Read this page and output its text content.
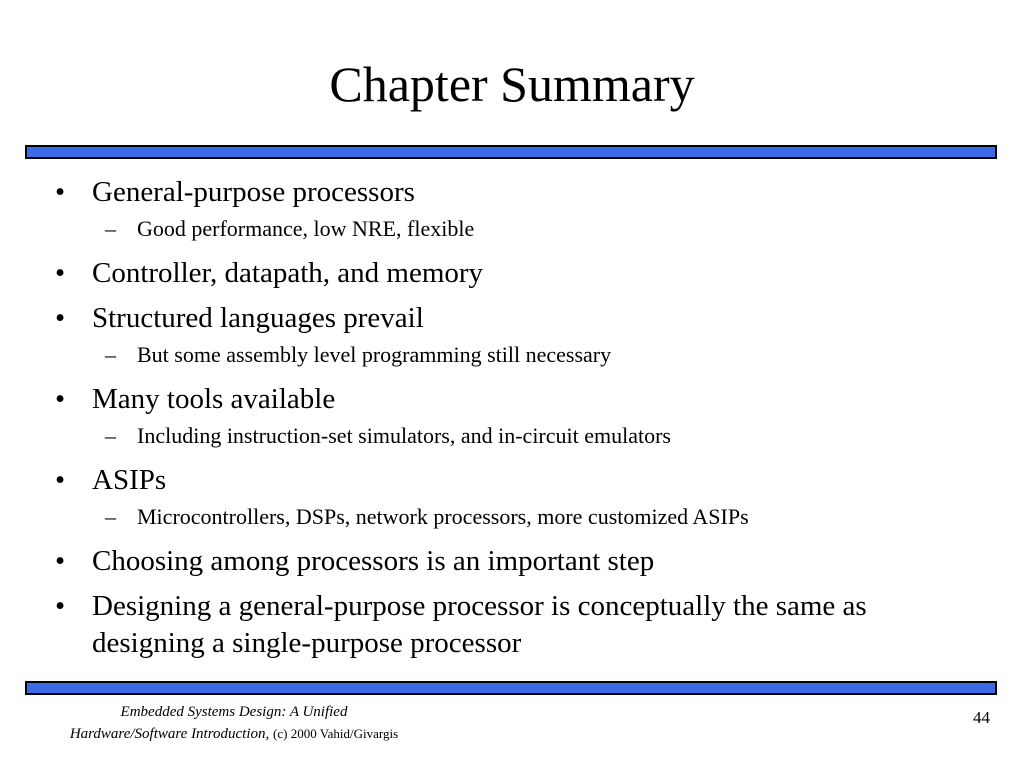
Chapter Summary
• General-purpose processors
– Good performance, low NRE, flexible
• Controller, datapath, and memory
• Structured languages prevail
– But some assembly level programming still necessary
• Many tools available
– Including instruction-set simulators, and in-circuit emulators
• ASIPs
– Microcontrollers, DSPs, network processors, more customized ASIPs
• Choosing among processors is an important step
• Designing a general-purpose processor is conceptually the same as designing a single-purpose processor
Embedded Systems Design: A Unified
Hardware/Software Introduction, (c) 2000 Vahid/Givargis
44
